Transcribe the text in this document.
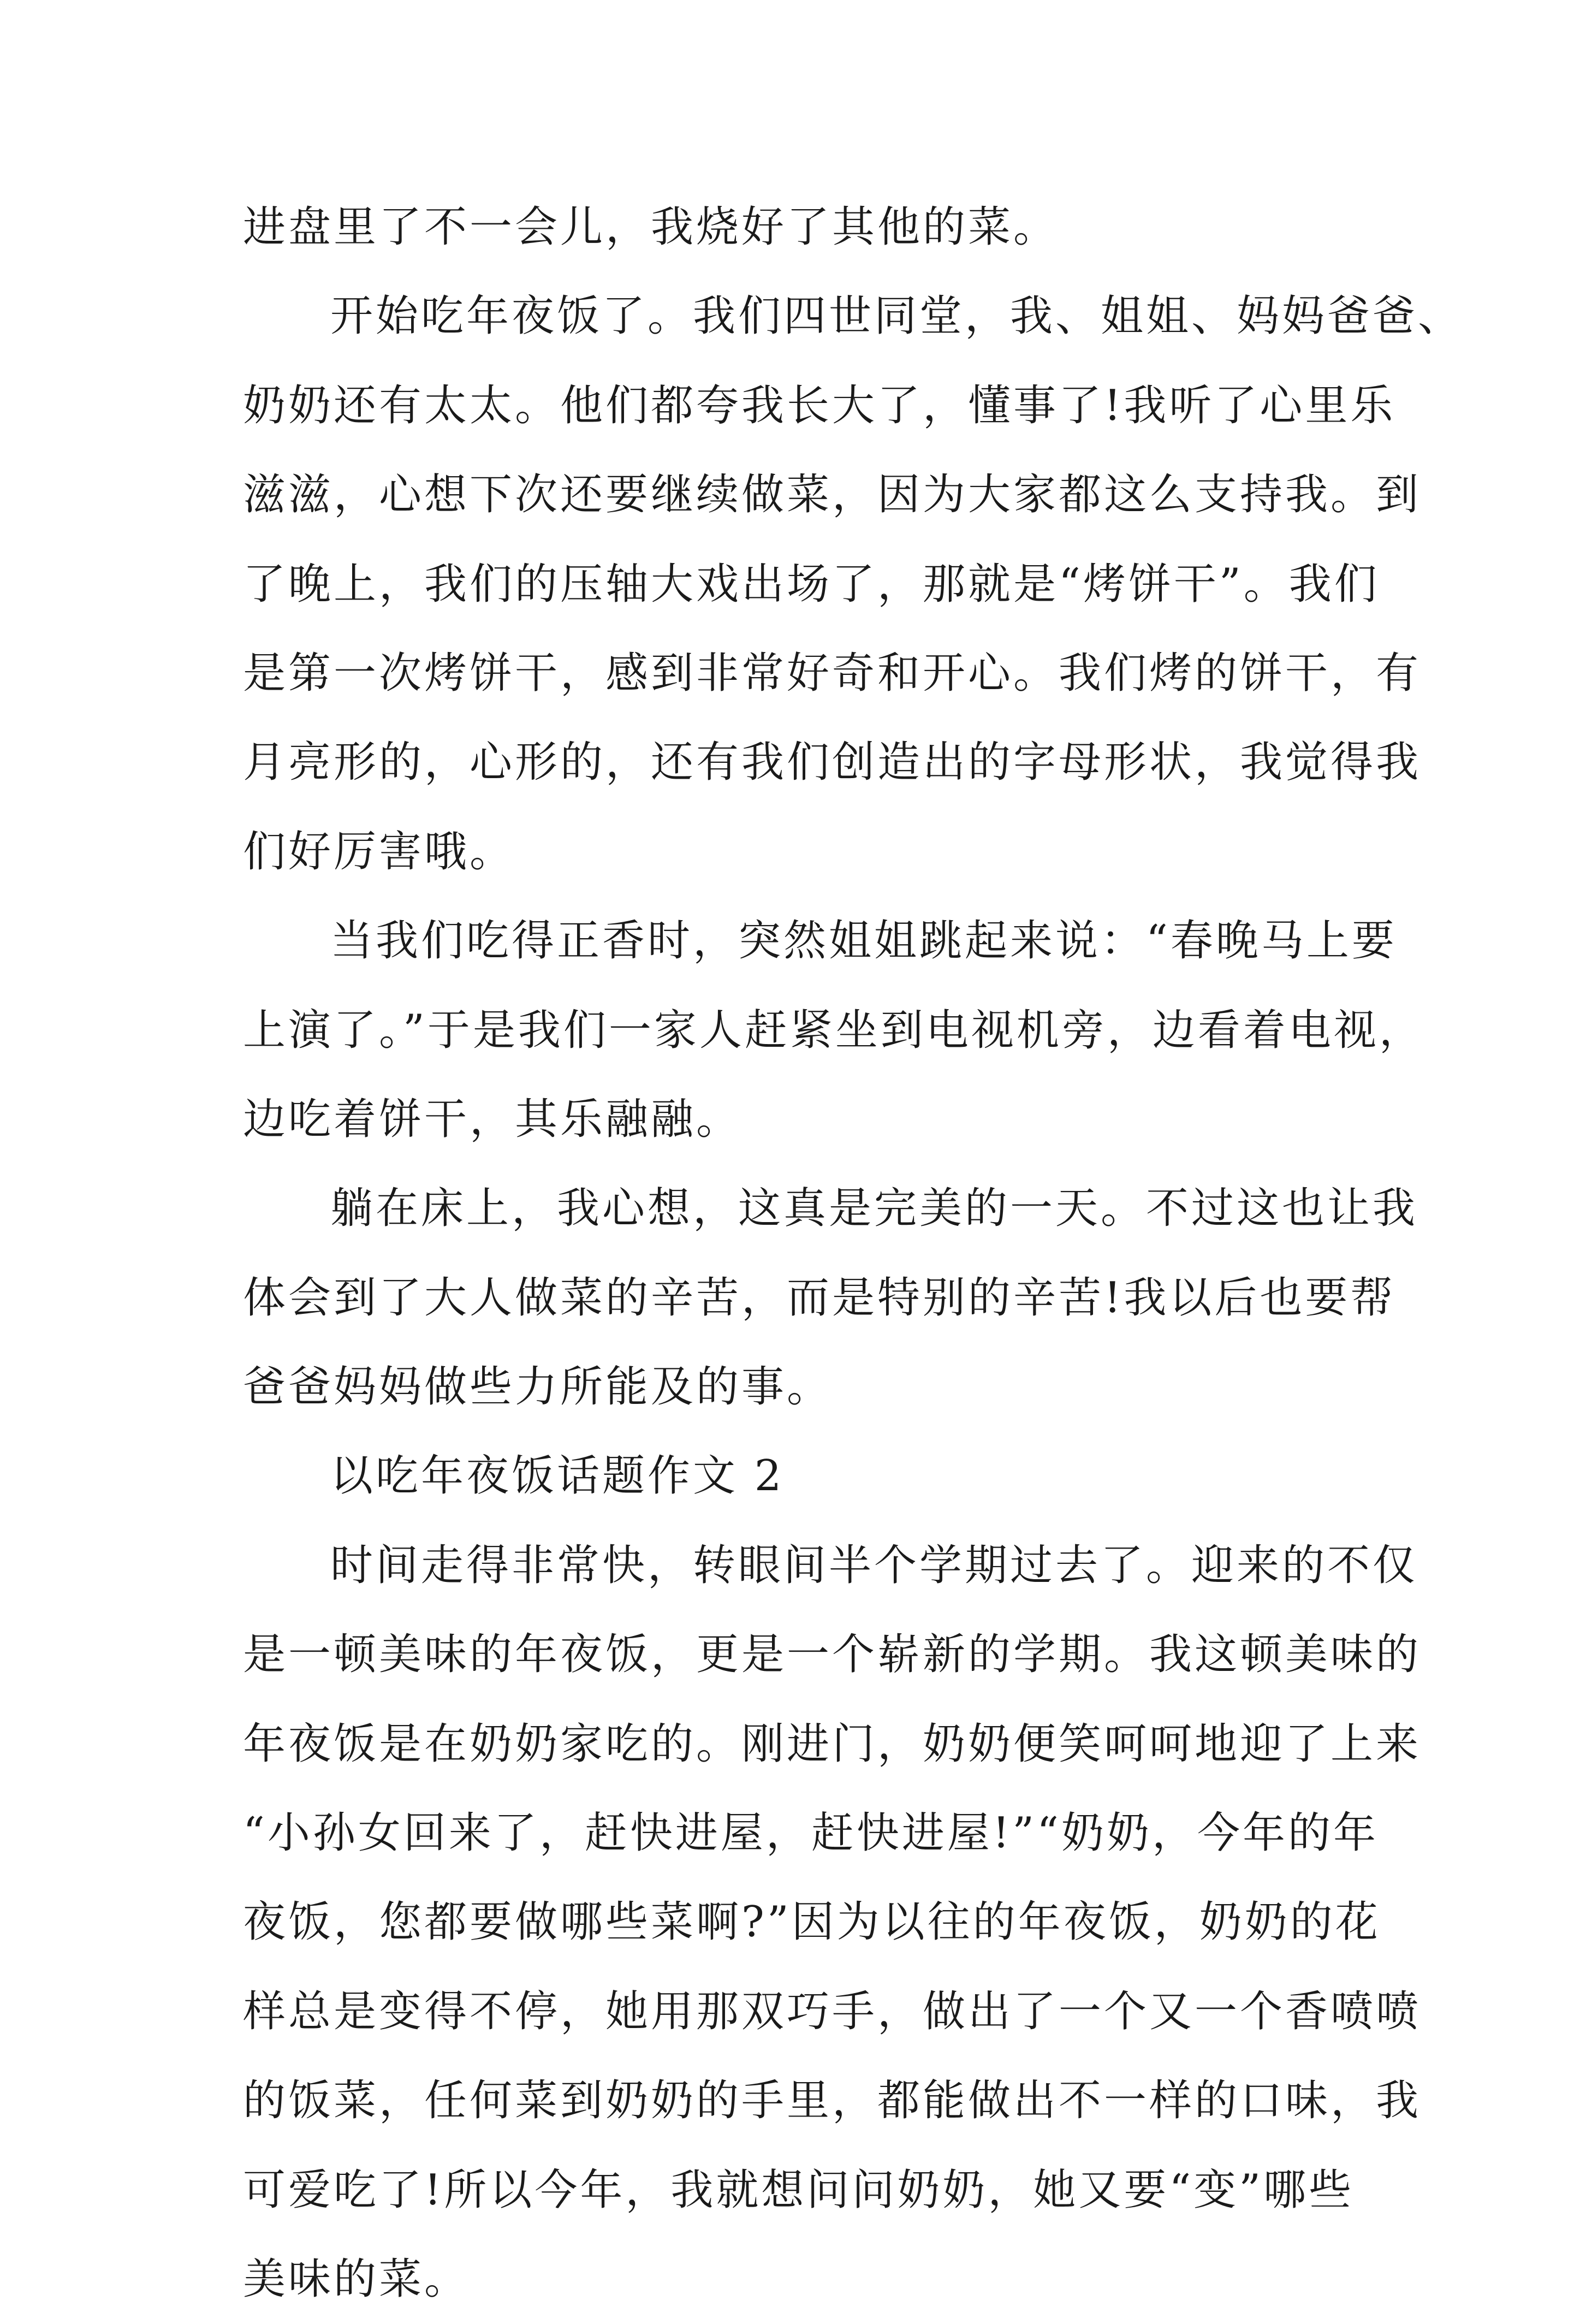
进盘里了不一会儿，我烧好了其他的菜。
开始吃年夜饭了。我们四世同堂，我、姐姐、妈妈爸爸、
奶奶还有太太。他们都夸我长大了，懂事了!我听了心里乐
滋滋，心想下次还要继续做菜，因为大家都这么支持我。到
了晚上，我们的压轴大戏出场了，那就是“烤饼干”。我们
是第一次烤饼干，感到非常好奇和开心。我们烤的饼干，有
月亮形的，心形的，还有我们创造出的字母形状，我觉得我
们好厉害哦。
当我们吃得正香时，突然姐姐跳起来说：“春晚马上要
上演了。”于是我们一家人赶紧坐到电视机旁，边看着电视，
边吃着饼干，其乐融融。
躺在床上，我心想，这真是完美的一天。不过这也让我
体会到了大人做菜的辛苦，而是特别的辛苦!我以后也要帮
爸爸妈妈做些力所能及的事。
以吃年夜饭话题作文 2
时间走得非常快，转眼间半个学期过去了。迎来的不仅
是一顿美味的年夜饭，更是一个崭新的学期。我这顿美味的
年夜饭是在奶奶家吃的。刚进门，奶奶便笑呵呵地迎了上来
“小孙女回来了，赶快进屋，赶快进屋!”“奶奶，今年的年
夜饭，您都要做哪些菜啊?”因为以往的年夜饭，奶奶的花
样总是变得不停，她用那双巧手，做出了一个又一个香喷喷
的饭菜，任何菜到奶奶的手里，都能做出不一样的口味，我
可爱吃了!所以今年，我就想问问奶奶，她又要“变”哪些
美味的菜。
